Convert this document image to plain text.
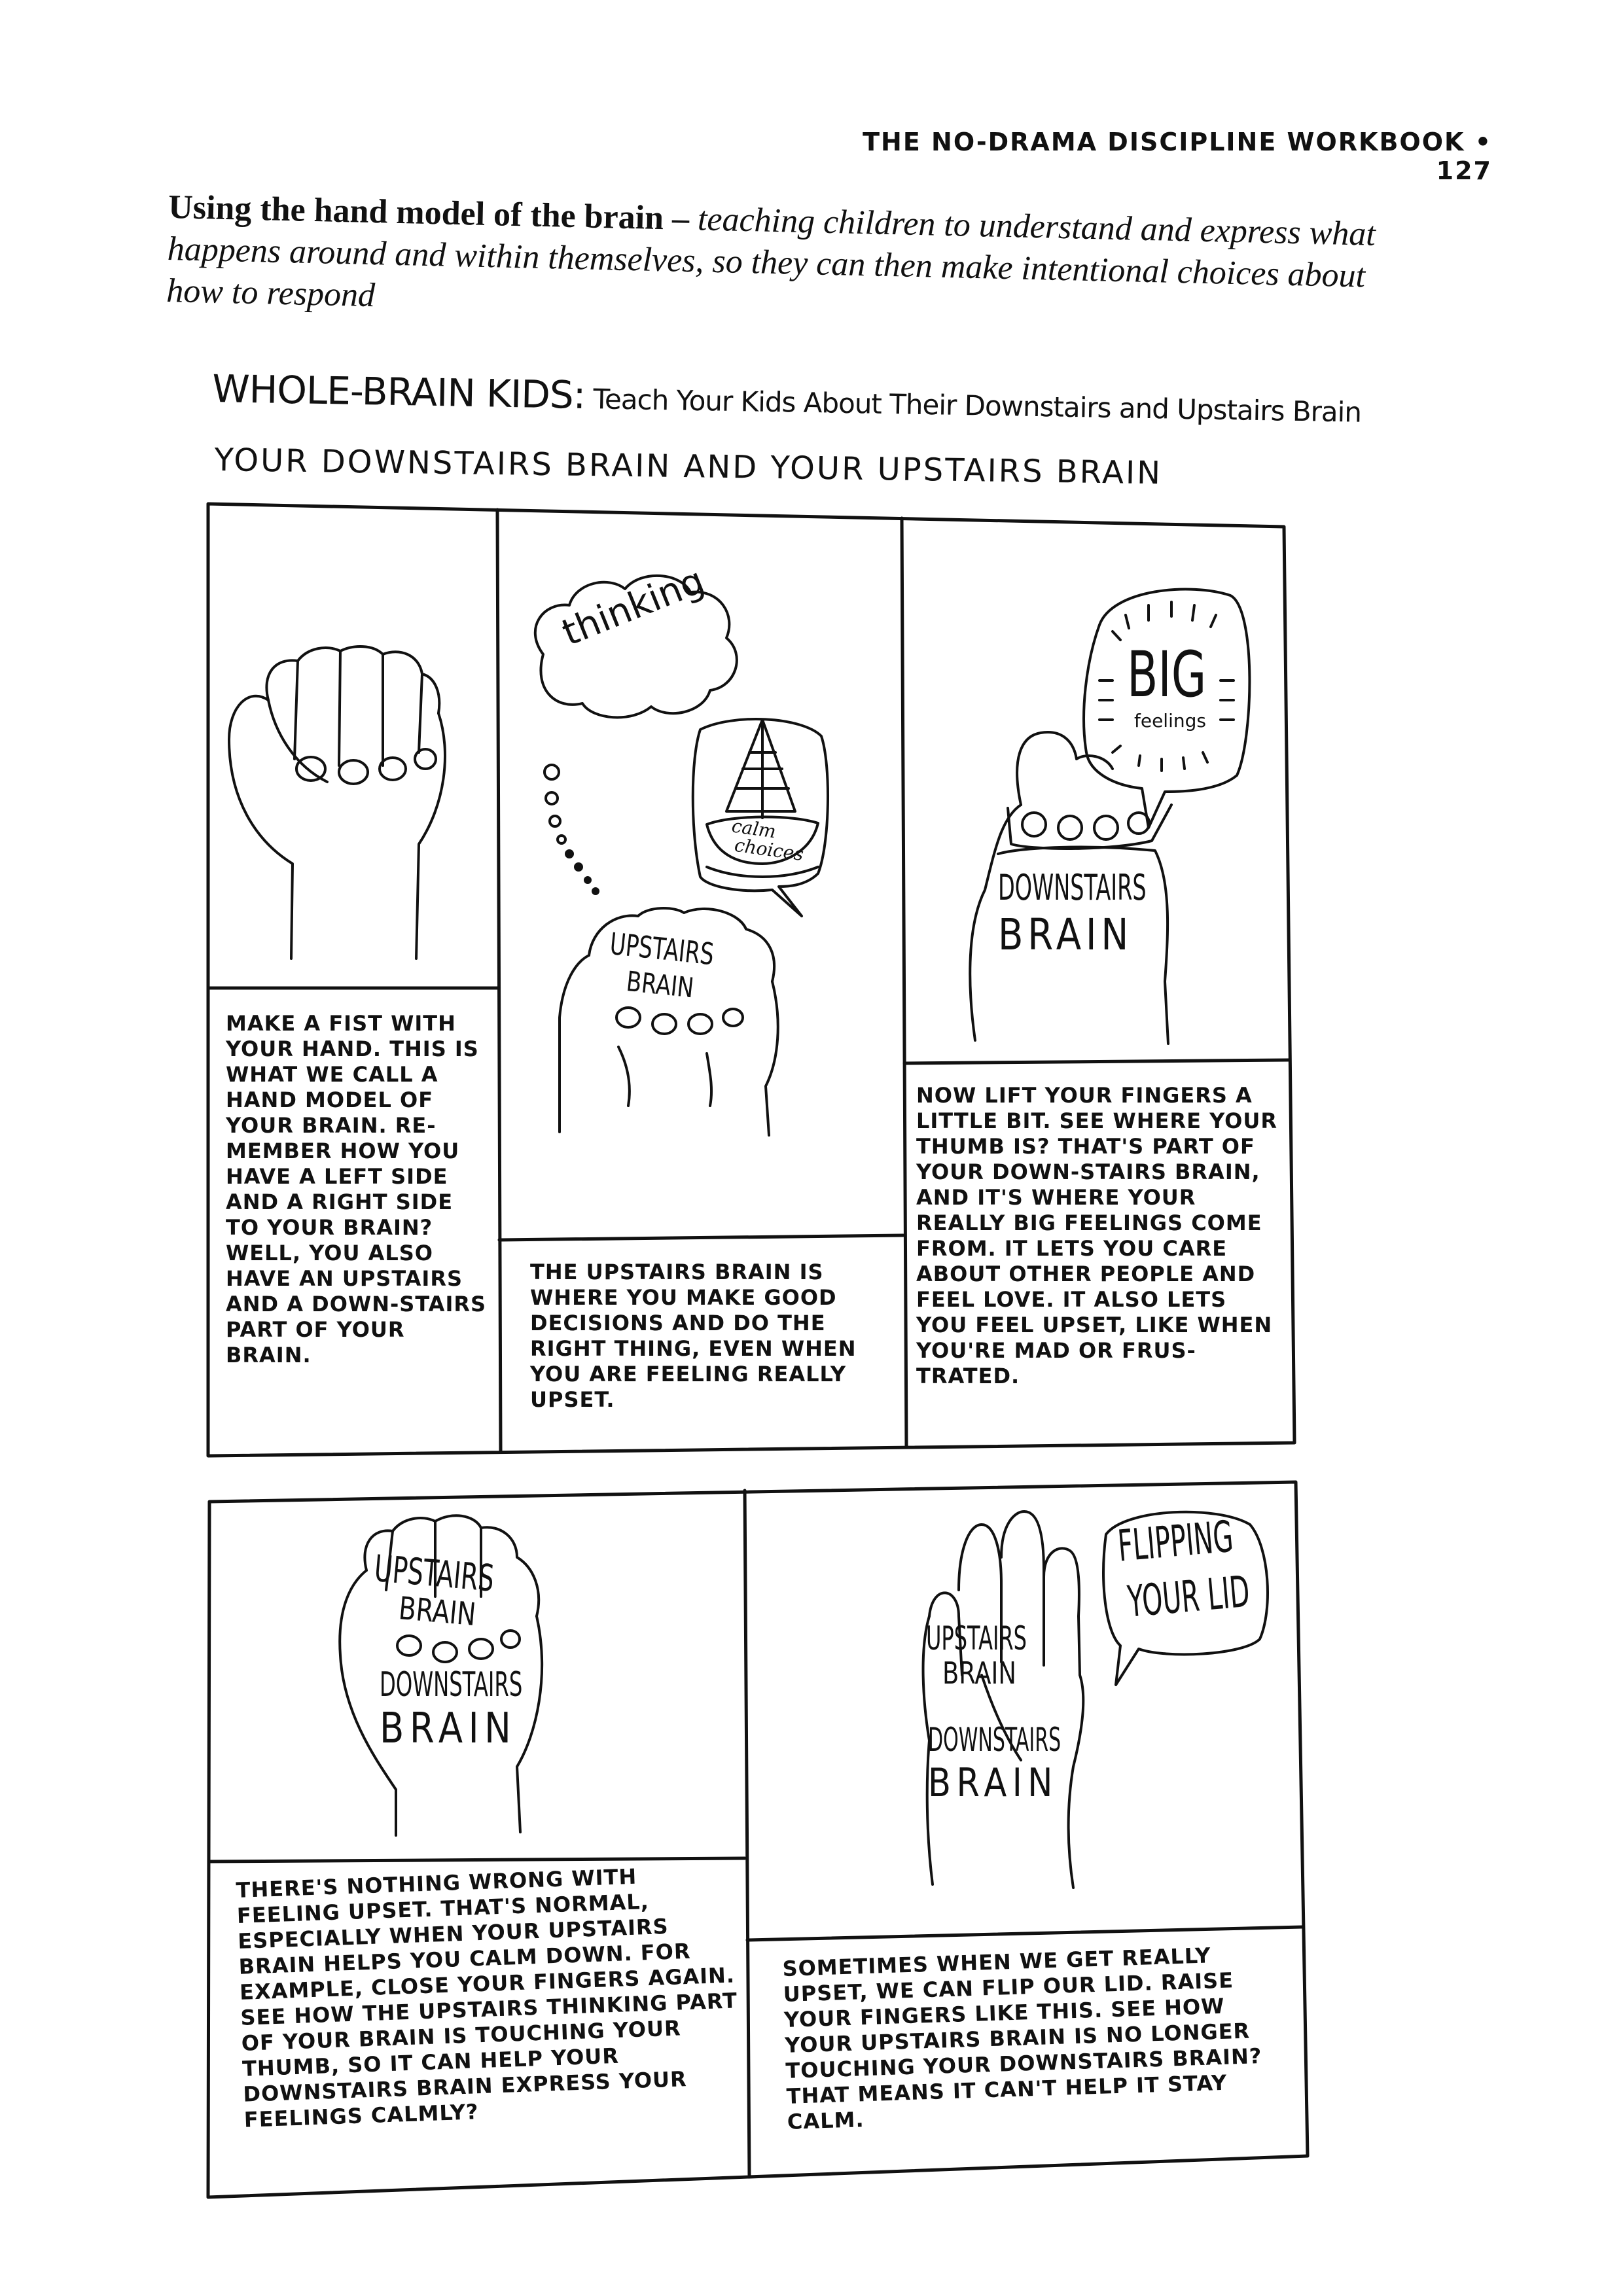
THE NO-DRAMA DISCIPLINE WORKBOOK • 127
Using the hand model of the brain – teaching children to understand and express what happens around and within themselves, so they can then make intentional choices about how to respond
WHOLE-BRAIN KIDS: Teach Your Kids About Their Downstairs and Upstairs Brain
YOUR DOWNSTAIRS BRAIN AND YOUR UPSTAIRS BRAIN
thinking
calm
choices
UPSTAIRS
BRAIN
BIG
feelings
DOWNSTAIRS
BRAIN
UPSTAIRS
BRAIN
DOWNSTAIRS
BRAIN
FLIPPING
YOUR LID
UPSTAIRS
BRAIN
DOWNSTAIRS
BRAIN
MAKE A FIST WITH YOUR HAND. THIS IS WHAT WE CALL A HAND MODEL OF YOUR BRAIN. RE-MEMBER HOW YOU HAVE A LEFT SIDE AND A RIGHT SIDE TO YOUR BRAIN? WELL, YOU ALSO HAVE AN UPSTAIRS AND A DOWN-STAIRS PART OF YOUR BRAIN.
THE UPSTAIRS BRAIN IS WHERE YOU MAKE GOOD DECISIONS AND DO THE RIGHT THING, EVEN WHEN YOU ARE FEELING REALLY UPSET.
NOW LIFT YOUR FINGERS A LITTLE BIT. SEE WHERE YOUR THUMB IS? THAT'S PART OF YOUR DOWN-STAIRS BRAIN, AND IT'S WHERE YOUR REALLY BIG FEELINGS COME FROM. IT LETS YOU CARE ABOUT OTHER PEOPLE AND FEEL LOVE. IT ALSO LETS YOU FEEL UPSET, LIKE WHEN YOU'RE MAD OR FRUS-TRATED.
THERE'S NOTHING WRONG WITH FEELING UPSET. THAT'S NORMAL, ESPECIALLY WHEN YOUR UPSTAIRS BRAIN HELPS YOU CALM DOWN. FOR EXAMPLE, CLOSE YOUR FINGERS AGAIN. SEE HOW THE UPSTAIRS THINKING PART OF YOUR BRAIN IS TOUCHING YOUR THUMB, SO IT CAN HELP YOUR DOWNSTAIRS BRAIN EXPRESS YOUR FEELINGS CALMLY?
SOMETIMES WHEN WE GET REALLY UPSET, WE CAN FLIP OUR LID. RAISE YOUR FINGERS LIKE THIS. SEE HOW YOUR UPSTAIRS BRAIN IS NO LONGER TOUCHING YOUR DOWNSTAIRS BRAIN? THAT MEANS IT CAN'T HELP IT STAY CALM.
